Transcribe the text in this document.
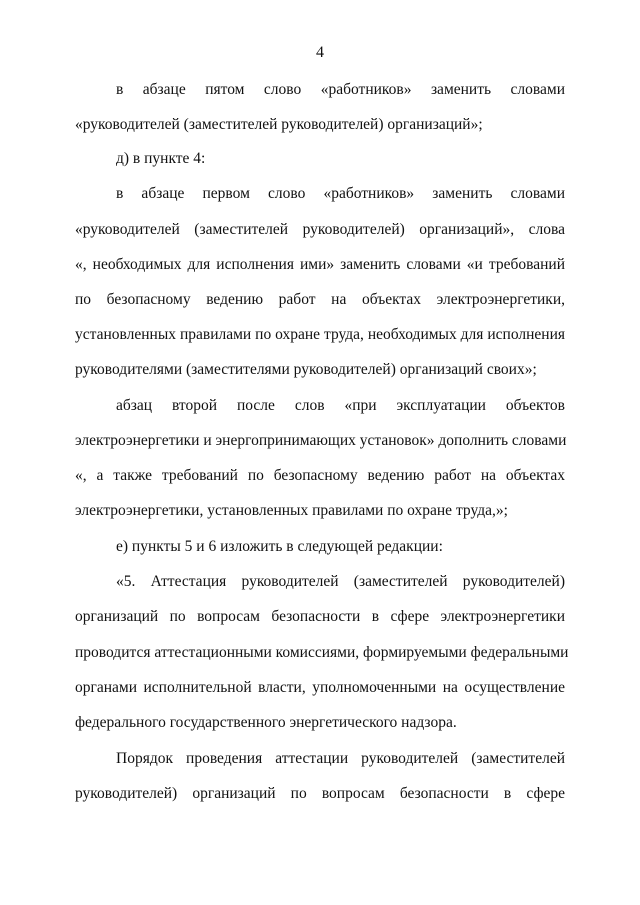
4
в абзаце пятом слово «работников» заменить словами
«руководителей (заместителей руководителей) организаций»;
д) в пункте 4:
в абзаце первом слово «работников» заменить словами
«руководителей (заместителей руководителей) организаций», слова
«, необходимых для исполнения ими» заменить словами «и требований
по безопасному ведению работ на объектах электроэнергетики,
установленных правилами по охране труда, необходимых для исполнения
руководителями (заместителями руководителей) организаций своих»;
абзац второй после слов «при эксплуатации объектов
электроэнергетики и энергопринимающих установок» дополнить словами
«, а также требований по безопасному ведению работ на объектах
электроэнергетики, установленных правилами по охране труда,»;
е) пункты 5 и 6 изложить в следующей редакции:
«5. Аттестация руководителей (заместителей руководителей)
организаций по вопросам безопасности в сфере электроэнергетики
проводится аттестационными комиссиями, формируемыми федеральными
органами исполнительной власти, уполномоченными на осуществление
федерального государственного энергетического надзора.
Порядок проведения аттестации руководителей (заместителей
руководителей) организаций по вопросам безопасности в сфере
